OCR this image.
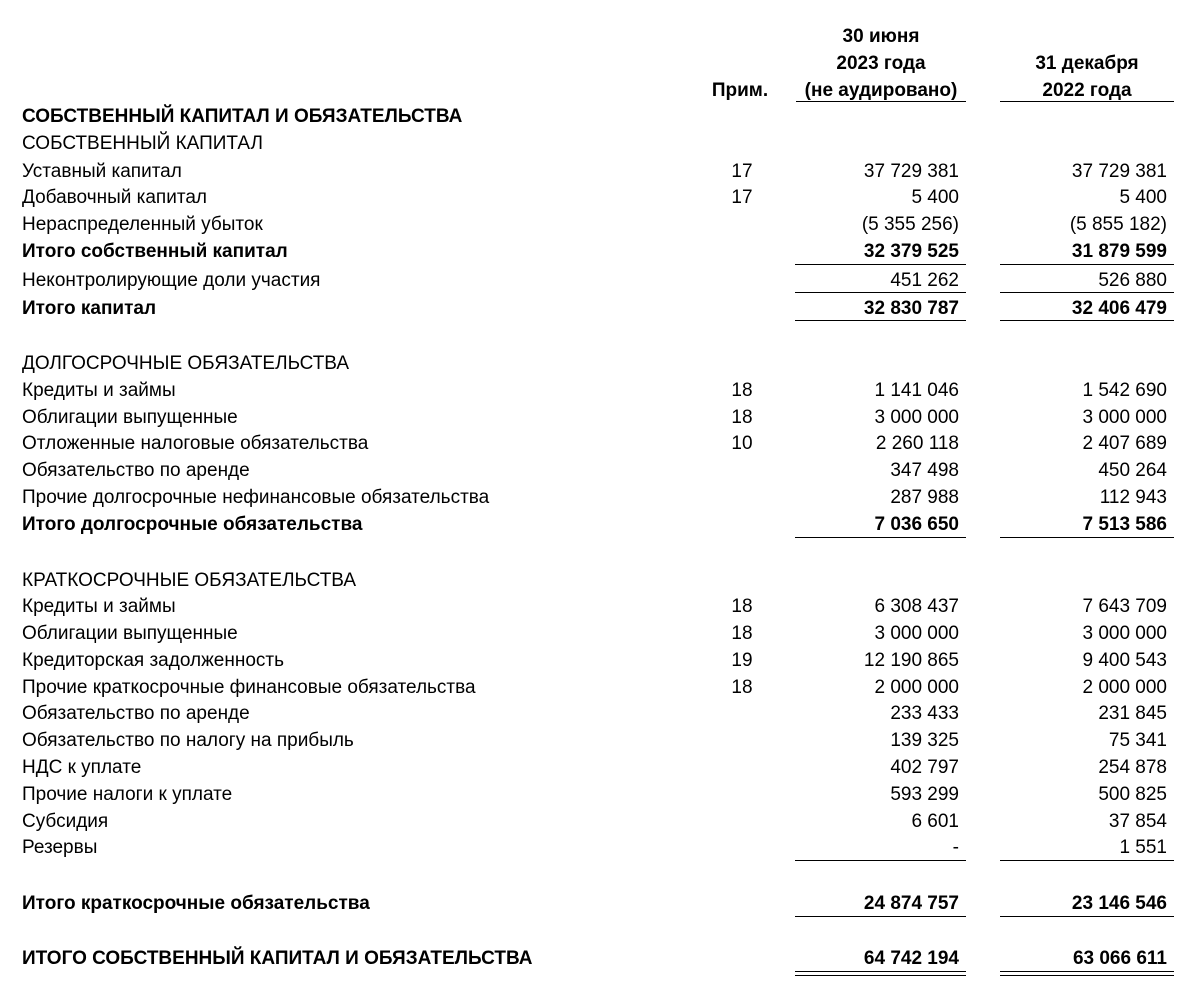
30 июня
2023 года
(не аудировано)
31 декабря
2022 года
Прим.
СОБСТВЕННЫЙ КАПИТАЛ И ОБЯЗАТЕЛЬСТВА
СОБСТВЕННЫЙ КАПИТАЛ
Уставный капитал	17	37 729 381	37 729 381
Добавочный капитал	17	5 400	5 400
Нераспределенный убыток	(5 355 256)	(5 855 182)
Итого собственный капитал	32 379 525	31 879 599
Неконтролирующие доли участия	451 262	526 880
Итого капитал	32 830 787	32 406 479
ДОЛГОСРОЧНЫЕ ОБЯЗАТЕЛЬСТВА
Кредиты и займы	18	1 141 046	1 542 690
Облигации выпущенные	18	3 000 000	3 000 000
Отложенные налоговые обязательства	10	2 260 118	2 407 689
Обязательство по аренде	347 498	450 264
Прочие долгосрочные нефинансовые обязательства	287 988	112 943
Итого долгосрочные обязательства	7 036 650	7 513 586
КРАТКОСРОЧНЫЕ ОБЯЗАТЕЛЬСТВА
Кредиты и займы	18	6 308 437	7 643 709
Облигации выпущенные	18	3 000 000	3 000 000
Кредиторская задолженность	19	12 190 865	9 400 543
Прочие краткосрочные финансовые обязательства	18	2 000 000	2 000 000
Обязательство по аренде	233 433	231 845
Обязательство по налогу на прибыль	139 325	75 341
НДС к уплате	402 797	254 878
Прочие налоги к уплате	593 299	500 825
Субсидия	6 601	37 854
Резервы	-	1 551
Итого краткосрочные обязательства	24 874 757	23 146 546
ИТОГО СОБСТВЕННЫЙ КАПИТАЛ И ОБЯЗАТЕЛЬСТВА	64 742 194	63 066 611
